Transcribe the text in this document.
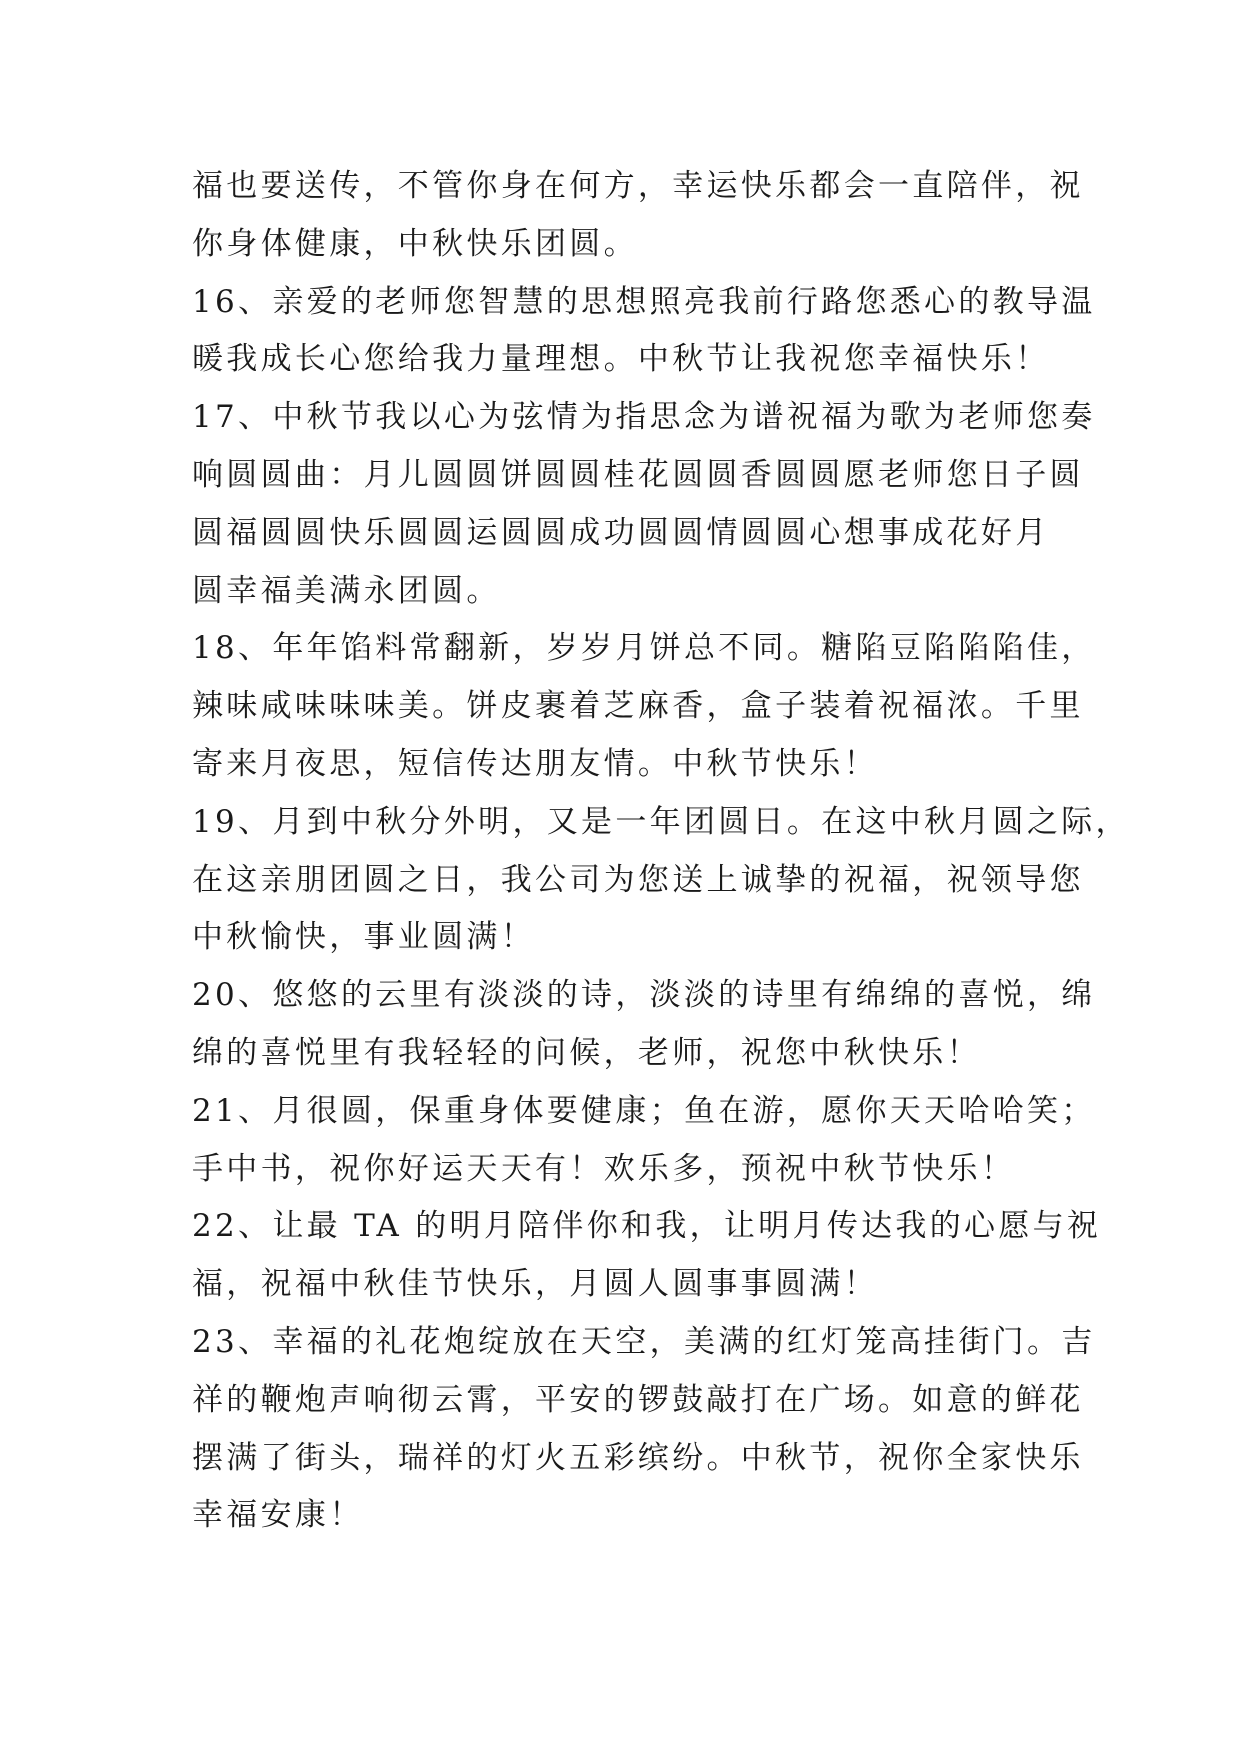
福也要送传，不管你身在何方，幸运快乐都会一直陪伴，祝
你身体健康，中秋快乐团圆。
16、亲爱的老师您智慧的思想照亮我前行路您悉心的教导温
暖我成长心您给我力量理想。中秋节让我祝您幸福快乐！
17、中秋节我以心为弦情为指思念为谱祝福为歌为老师您奏
响圆圆曲：月儿圆圆饼圆圆桂花圆圆香圆圆愿老师您日子圆
圆福圆圆快乐圆圆运圆圆成功圆圆情圆圆心想事成花好月
圆幸福美满永团圆。
18、年年馅料常翻新，岁岁月饼总不同。糖陷豆陷陷陷佳，
辣味咸味味味美。饼皮裹着芝麻香，盒子装着祝福浓。千里
寄来月夜思，短信传达朋友情。中秋节快乐！
19、月到中秋分外明，又是一年团圆日。在这中秋月圆之际，
在这亲朋团圆之日，我公司为您送上诚挚的祝福，祝领导您
中秋愉快，事业圆满！
20、悠悠的云里有淡淡的诗，淡淡的诗里有绵绵的喜悦，绵
绵的喜悦里有我轻轻的问候，老师，祝您中秋快乐！
21、月很圆，保重身体要健康；鱼在游，愿你天天哈哈笑；
手中书，祝你好运天天有！欢乐多，预祝中秋节快乐！
22、让最 TA 的明月陪伴你和我，让明月传达我的心愿与祝
福，祝福中秋佳节快乐，月圆人圆事事圆满！
23、幸福的礼花炮绽放在天空，美满的红灯笼高挂街门。吉
祥的鞭炮声响彻云霄，平安的锣鼓敲打在广场。如意的鲜花
摆满了街头，瑞祥的灯火五彩缤纷。中秋节，祝你全家快乐
幸福安康！
